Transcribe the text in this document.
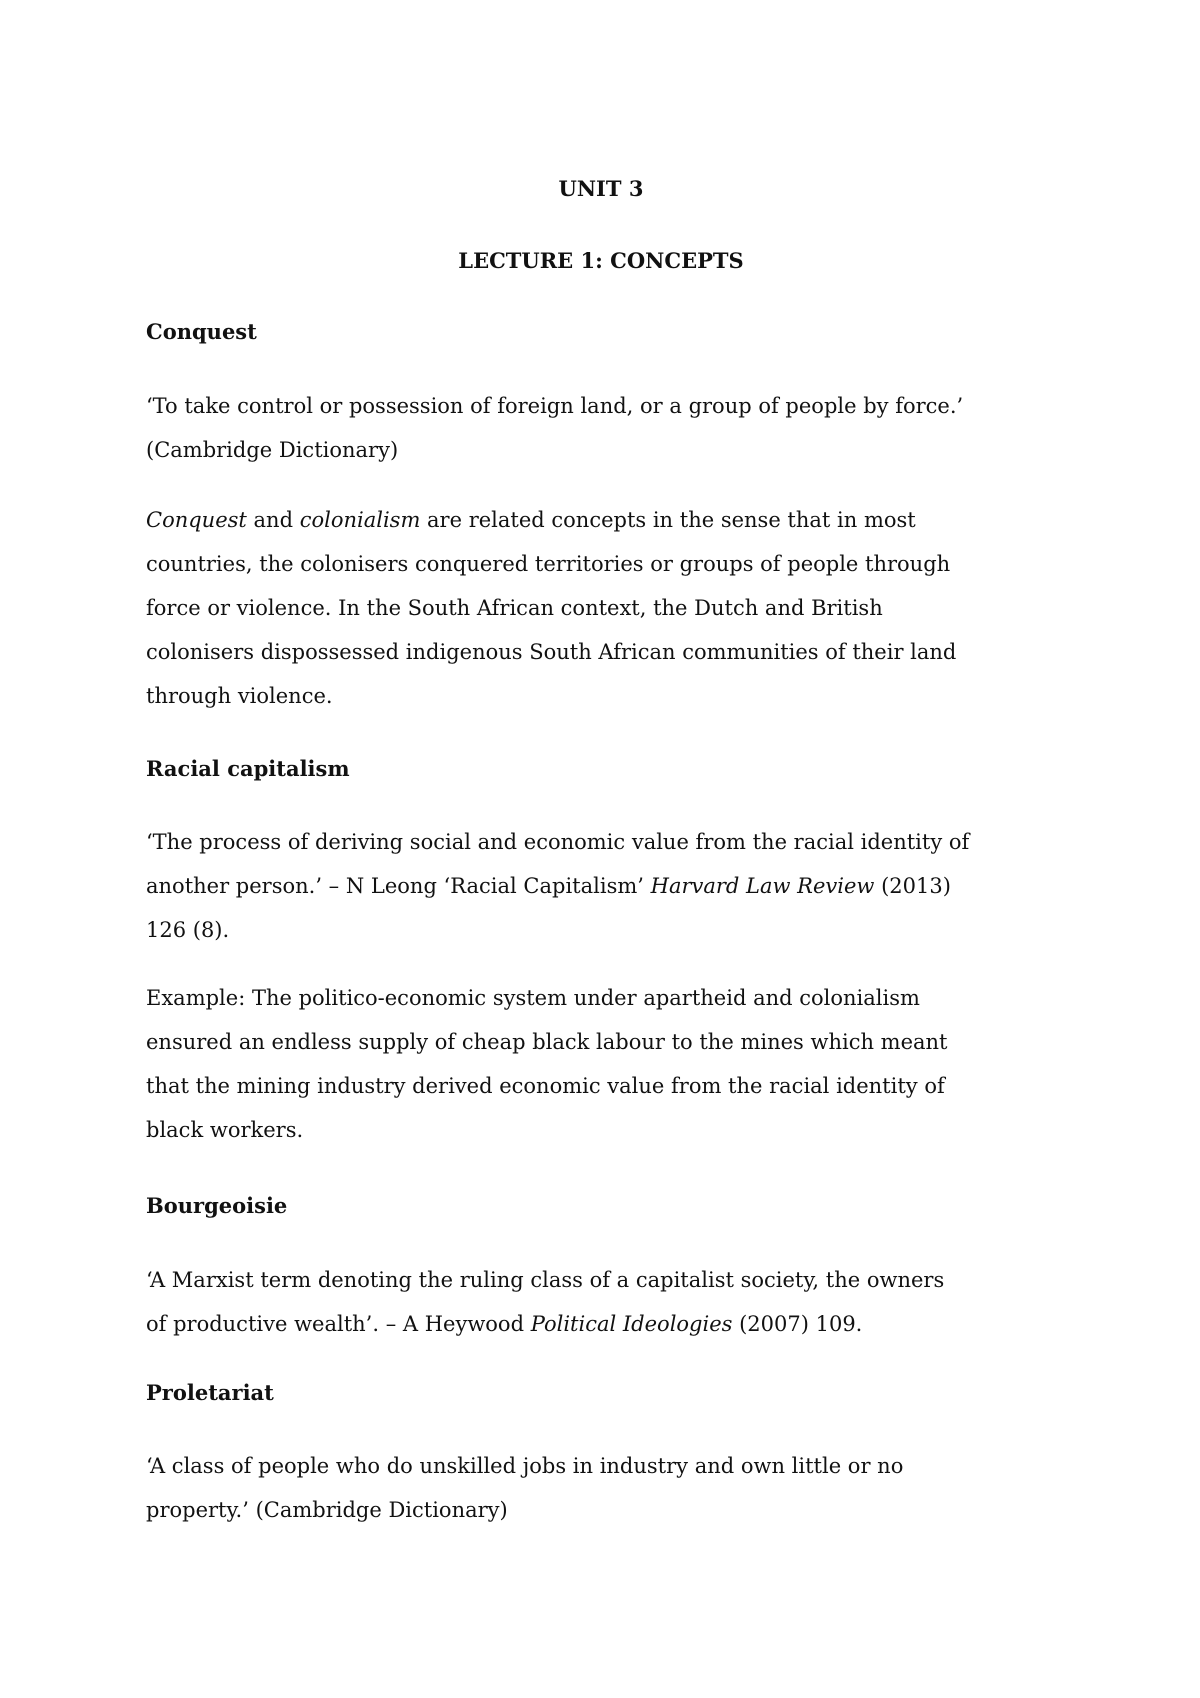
UNIT 3
LECTURE 1: CONCEPTS

Conquest

‘To take control or possession of foreign land, or a group of people by force.’
(Cambridge Dictionary)

Conquest and colonialism are related concepts in the sense that in most
countries, the colonisers conquered territories or groups of people through
force or violence. In the South African context, the Dutch and British
colonisers dispossessed indigenous South African communities of their land
through violence.

Racial capitalism

‘The process of deriving social and economic value from the racial identity of
another person.’ – N Leong ‘Racial Capitalism’ Harvard Law Review (2013)
126 (8).

Example: The politico-economic system under apartheid and colonialism
ensured an endless supply of cheap black labour to the mines which meant
that the mining industry derived economic value from the racial identity of
black workers.

Bourgeoisie

‘A Marxist term denoting the ruling class of a capitalist society, the owners
of productive wealth’. – A Heywood Political Ideologies (2007) 109.

Proletariat

‘A class of people who do unskilled jobs in industry and own little or no
property.’ (Cambridge Dictionary)
